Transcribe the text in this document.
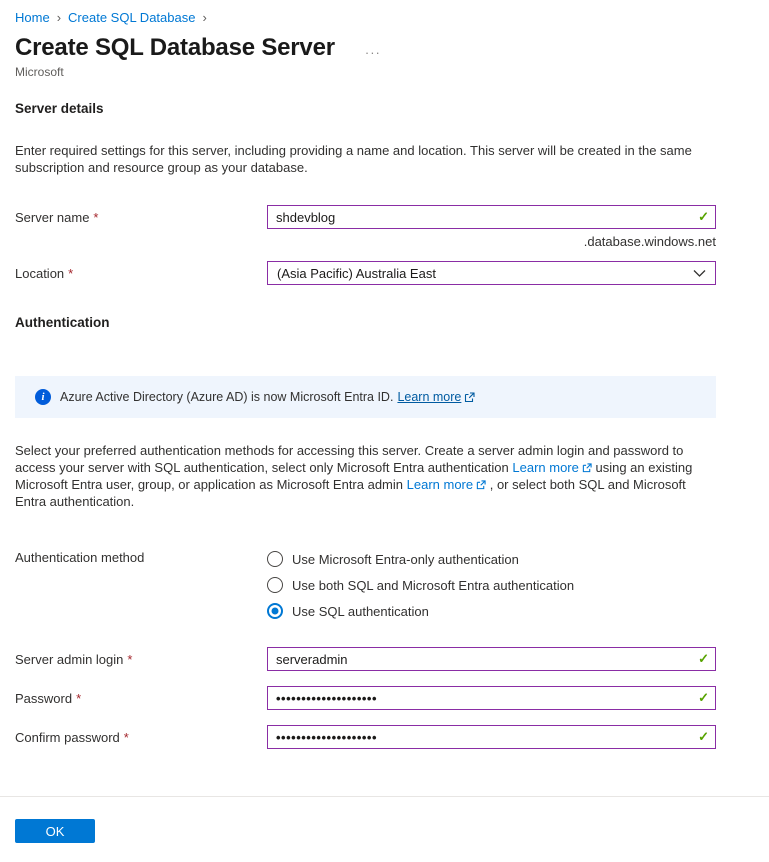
Home › Create SQL Database ›
Create SQL Database Server ···
Microsoft
Server details
Enter required settings for this server, including providing a name and location. This server will be created in the same subscription and resource group as your database.
Server name *
shdevblog	✓
.database.windows.net
Location *	(Asia Pacific) Australia East
Authentication
i	Azure Active Directory (Azure AD) is now Microsoft Entra ID. Learn more
Select your preferred authentication methods for accessing this server. Create a server admin login and password to access your server with SQL authentication, select only Microsoft Entra authentication Learn more
using an existing Microsoft Entra user, group, or application as Microsoft Entra admin Learn more
, or select both SQL and Microsoft Entra authentication.
Authentication method	Use Microsoft Entra-only authentication
Use both SQL and Microsoft Entra authentication
Use SQL authentication
Server admin login *
serveradmin	✓
Password *
••••••••••••••••••••	✓
Confirm password *
••••••••••••••••••••	✓
OK
